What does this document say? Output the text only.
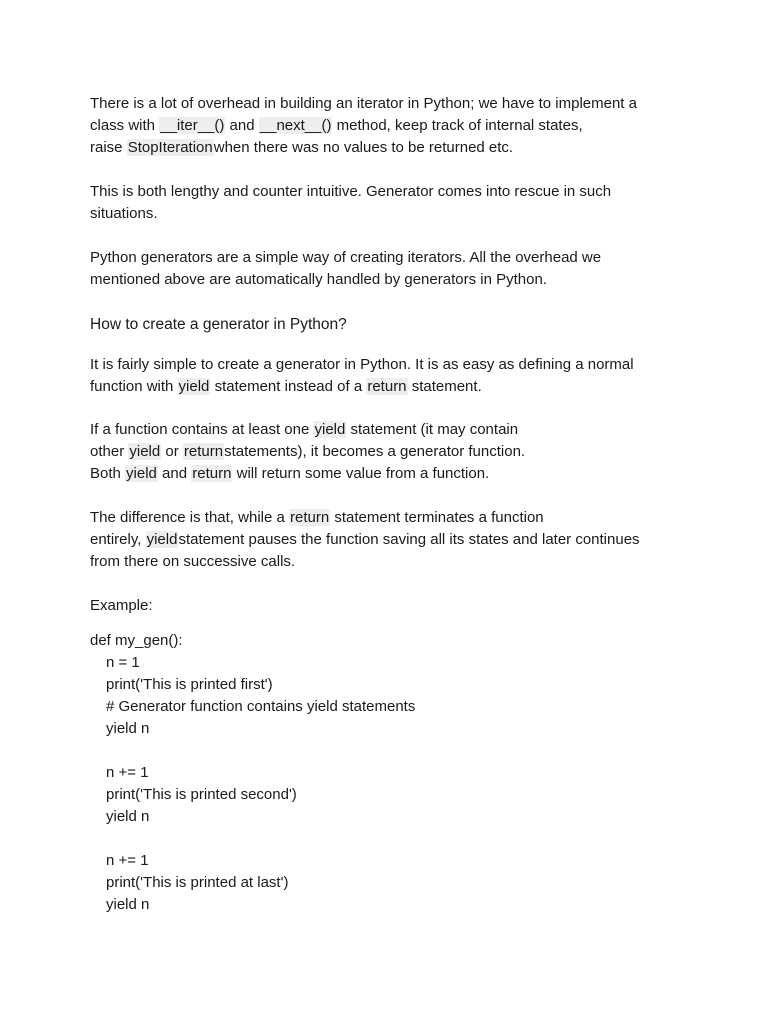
There is a lot of overhead in building an iterator in Python; we have to implement a
class with __iter__() and __next__() method, keep track of internal states,
raise StopIterationwhen there was no values to be returned etc.

This is both lengthy and counter intuitive. Generator comes into rescue in such
situations.

Python generators are a simple way of creating iterators. All the overhead we
mentioned above are automatically handled by generators in Python.

How to create a generator in Python?

It is fairly simple to create a generator in Python. It is as easy as defining a normal
function with yield statement instead of a return statement.

If a function contains at least one yield statement (it may contain
other yield or returnstatements), it becomes a generator function.
Both yield and return will return some value from a function.

The difference is that, while a return statement terminates a function
entirely, yieldstatement pauses the function saving all its states and later continues
from there on successive calls.

Example:

def my_gen():
n = 1
print('This is printed first')
# Generator function contains yield statements
yield n

n += 1
print('This is printed second')
yield n

n += 1
print('This is printed at last')
yield n
